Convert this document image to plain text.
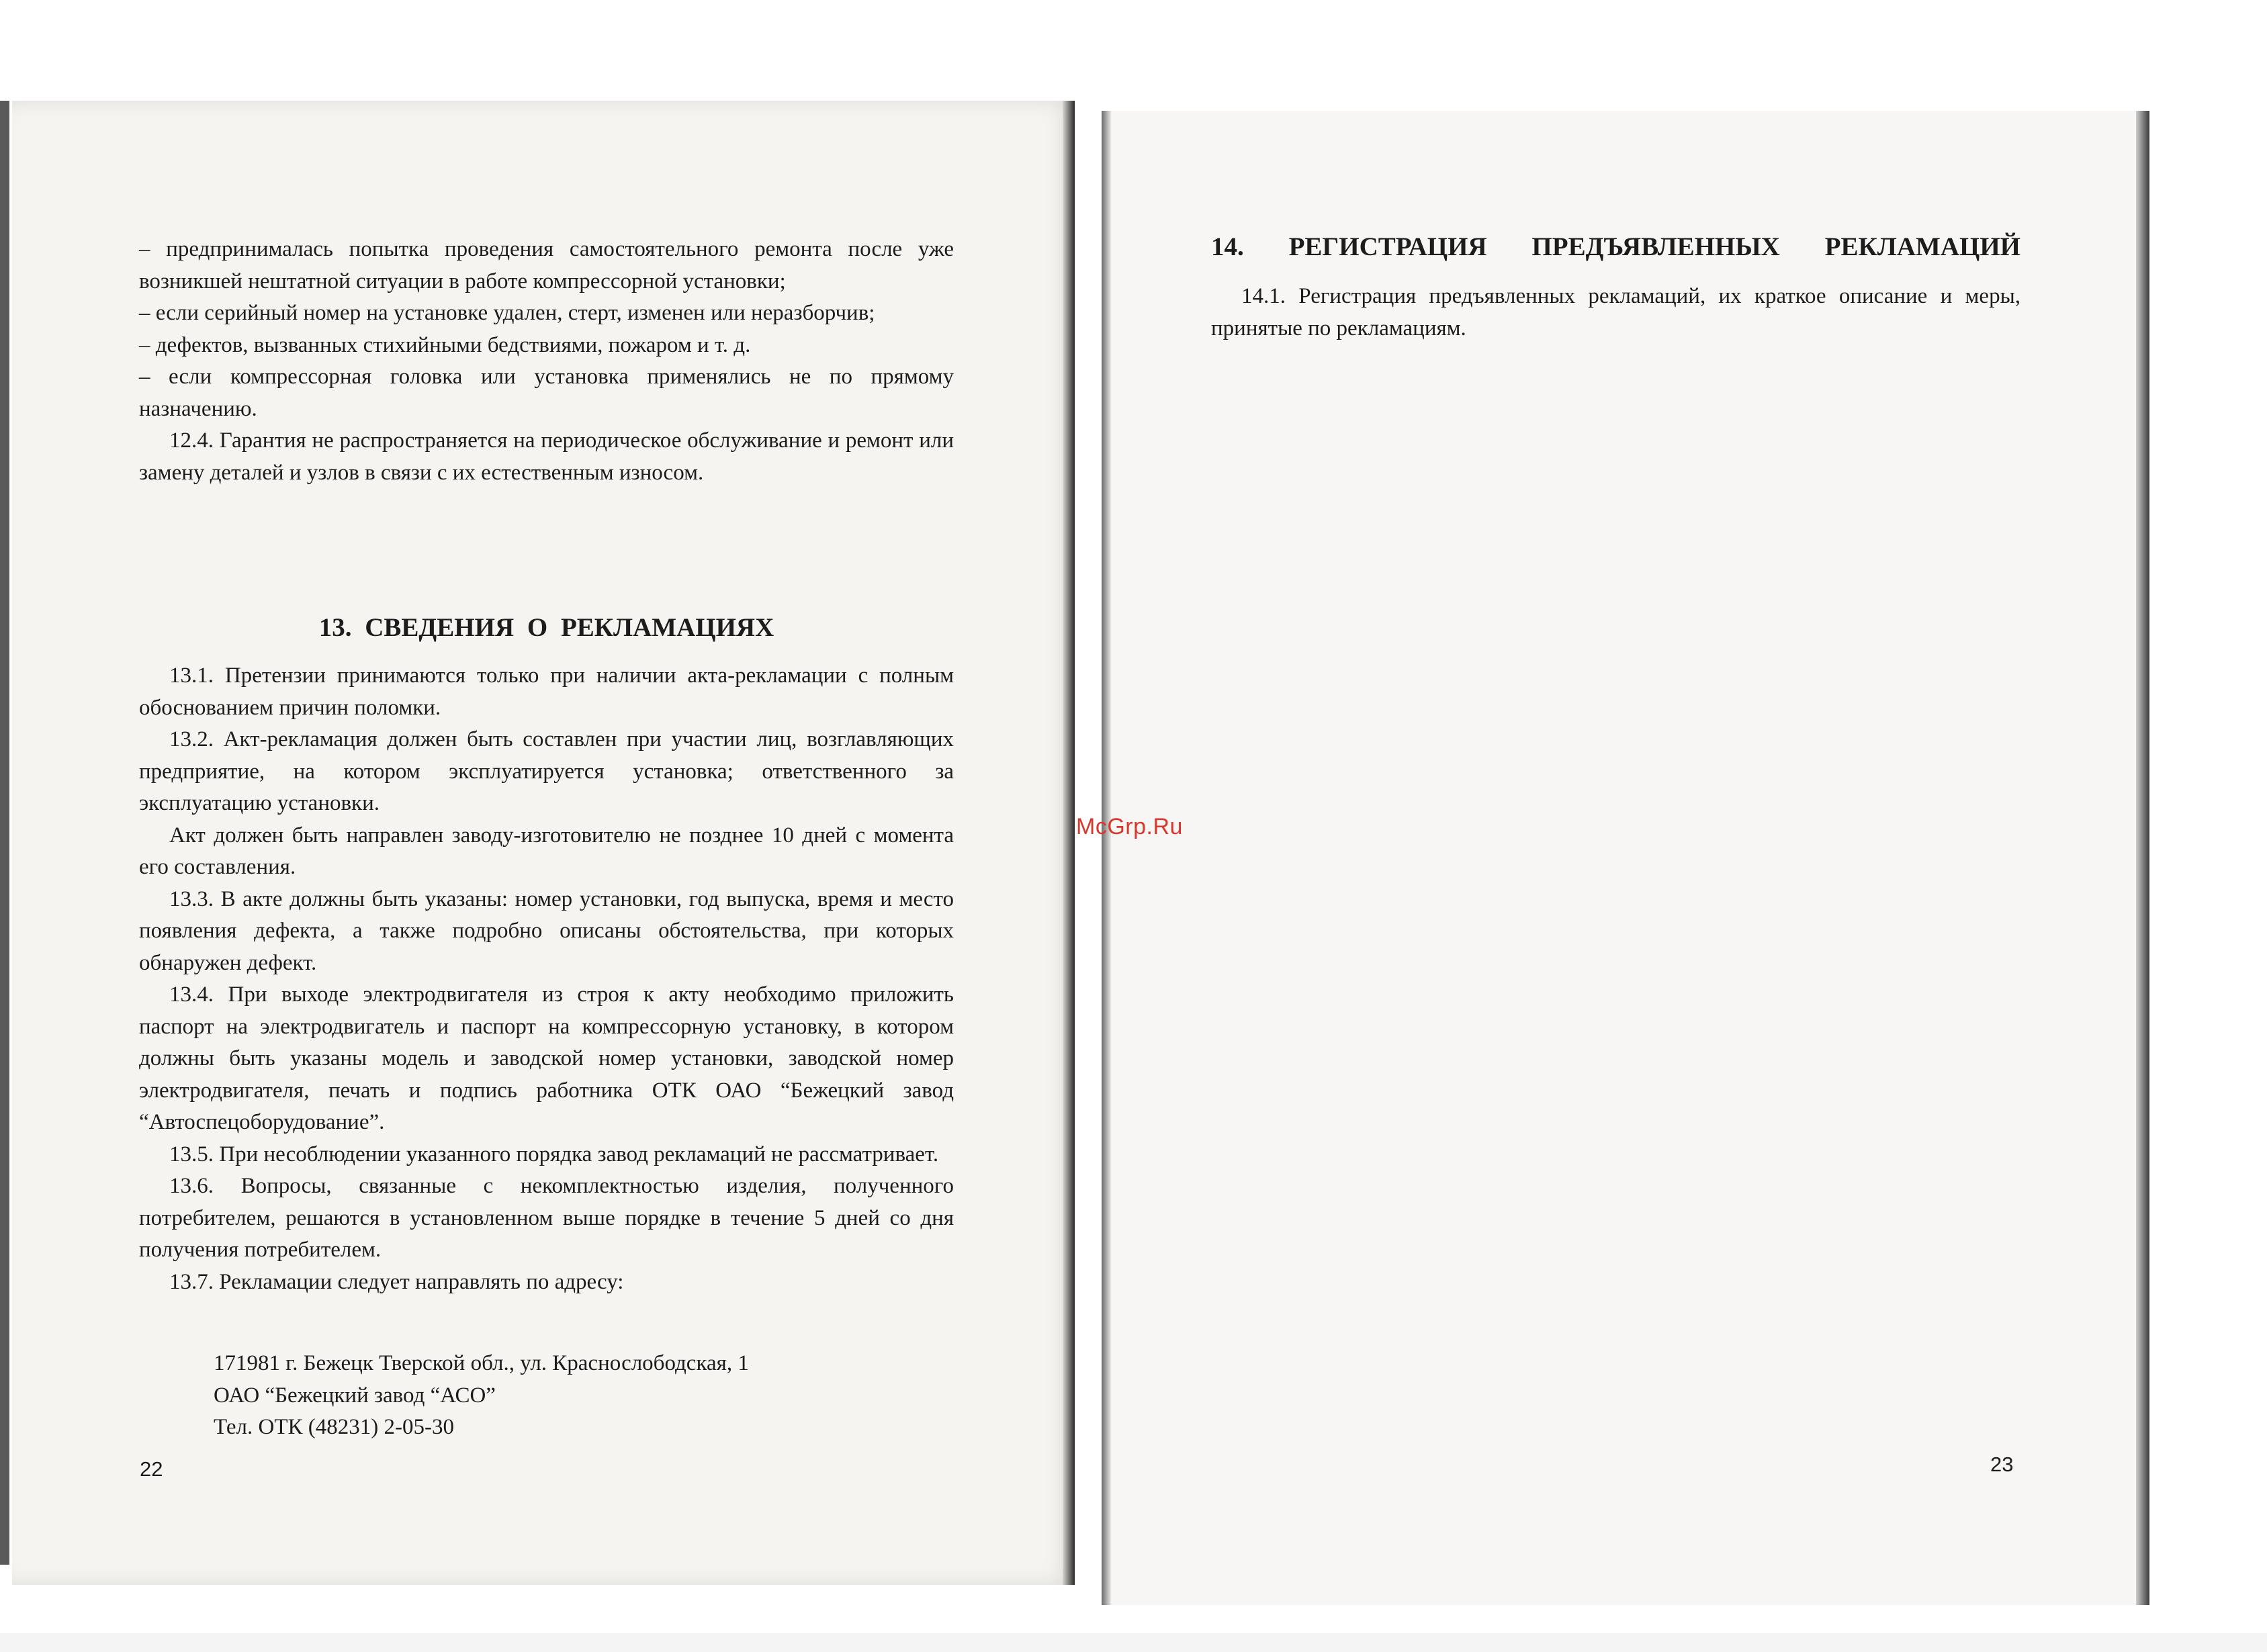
– предпринималась попытка проведения самостоятельного ремонта после уже возникшей нештатной ситуации в работе компрессорной установки;

– если серийный номер на установке удален, стерт, изменен или неразборчив;

– дефектов, вызванных стихийными бедствиями, пожаром и т. д.

– если компрессорная головка или установка применялись не по прямому назначению.

12.4. Гарантия не распространяется на периодическое обслуживание и ремонт или замену деталей и узлов в связи с их естественным износом.

13. СВЕДЕНИЯ О РЕКЛАМАЦИЯХ

13.1. Претензии принимаются только при наличии акта-рекламации с полным обоснованием причин поломки.

13.2. Акт-рекламация должен быть составлен при участии лиц, возглавляющих предприятие, на котором эксплуатируется установка; ответственного за эксплуатацию установки.

Акт должен быть направлен заводу-изготовителю не позднее 10 дней с момента его составления.

13.3. В акте должны быть указаны: номер установки, год выпуска, время и место появления дефекта, а также подробно описаны обстоятельства, при которых обнаружен дефект.

13.4. При выходе электродвигателя из строя к акту необходимо приложить паспорт на электродвигатель и паспорт на компрессорную установку, в котором должны быть указаны модель и заводской номер установки, заводской номер электродвигателя, печать и подпись работника ОТК ОАО “Бежецкий завод “Автоспецоборудование”.

13.5. При несоблюдении указанного порядка завод рекламаций не рассматривает.

13.6. Вопросы, связанные с некомплектностью изделия, полученного потребителем, решаются в установленном выше порядке в течение 5 дней со дня получения потребителем.

13.7. Рекламации следует направлять по адресу:

171981 г. Бежецк Тверской обл., ул. Краснослободская, 1
ОАО “Бежецкий завод “АСО”
Тел. ОТК (48231) 2-05-30
22
14. РЕГИСТРАЦИЯ ПРЕДЪЯВЛЕННЫХ РЕКЛАМАЦИЙ

14.1. Регистрация предъявленных рекламаций, их краткое описание и меры, принятые по рекламациям.

23
McGrp.Ru
